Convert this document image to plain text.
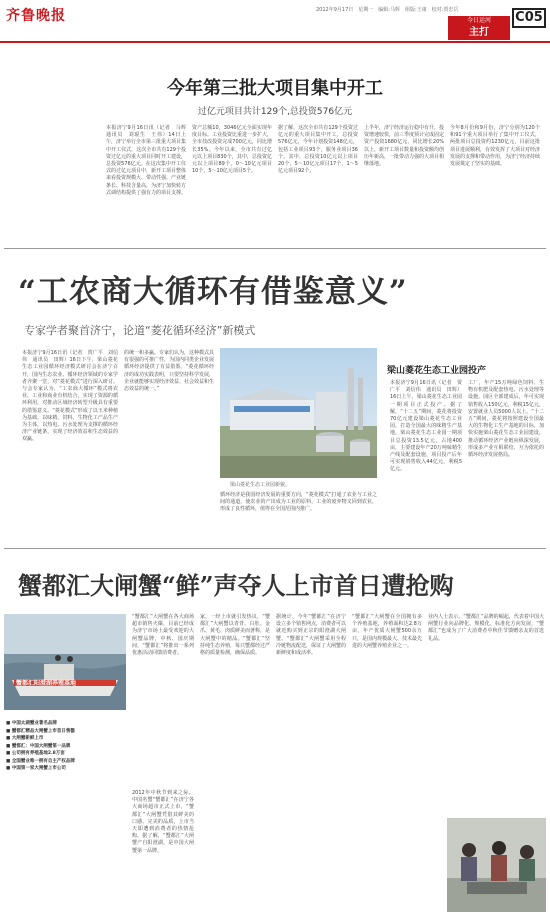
齐鲁晚报	2012年9月17日　星期一　编辑:马辉　组版:王康　校对:贾忠岳
今日运河
主打
C05
今年第三批大项目集中开工
过亿元项目共计129个,总投资576亿元
本报济宁9月16日讯（记者　马辉　通讯员　刘琨生　王伟）14日上午，济宁举行全市第三批重大项目集中开工仪式，这次全市共有129个投资过亿元的重大项目同时开工建设，总投资576亿元。在这次集中开工仪式的过亿元项目中，新开工项目整体来看投资规模大、带动性强、产业链条长、科技含量高，为济宁加快转方式调结构提供了强有力的项目支撑。
资产总额10，3046亿元全面实现年度目标。工业投资比重进一步扩大，全市技改投资完成700亿元，同比增长35%。今年以来，全市共有过亿元以上项目830个，其中，总投资亿元以上项目89个，0～10亿元项目10个，5～10亿元项目5个。
据了解，这次全市共有129个投资过亿元的重大项目集中开工，总投资576亿元，今年计划投资148亿元，包括工业项目93个，服务业项目36个。其中，总投资10亿元以上项目20个，5～10亿元项目17个，1～5亿元项目92个。
上半年，济宁经济运行稳中有升，投资增速较快，前三季度预计完成固定资产投资1680亿元，同比增长20%以上，新开工项目数量和投资额均创历年新高，一批带动力强的大项目相继落地。
今年8月份和9月份，济宁分别为120个和91个重大项目举行了集中开工仪式，两批项目总投资约1230亿元，目前这批项目进展顺利，有效发挥了大项目对经济发展的支撑和带动作用，为济宁经济持续发展奠定了坚实的基础。
“工农商大循环有借鉴意义”
专家学者聚首济宁，论道“菱花循环经济”新模式
本报济宁9月16日讯（记者　贾广平　刘信伟　通讯员　田辉）16日下午，梁山菱花生态工业园循环经济模式研讨会在济宁召开，国内生态农业、循环经济领域的专家学者齐聚一堂，对“菱花模式”进行深入研讨。与会专家认为，“工农商大循环”模式将农业、工业和商业有机结合，实现了资源的循环利用，对推动区域经济转型升级具有重要的借鉴意义。“菱花模式”形成了以玉米种植为基础，以味精、饲料、生物化工产品生产为主体，以热电、污水处理为支撑的循环经济产业链条，实现了经济效益和生态效益的双赢。
的统一和多赢。专家们认为，这种模式具有很强的可推广性，为国内同类企业发展循环经济提供了有益借鉴。“菱花循环经济的成功实践表明，只要坚持科学发展，企业就能够实现经济效益、社会效益和生态效益的统一。”
循环经济是我国经济发展的重要方向，“菱花模式”打通了农业与工业之间的通道，使农业的产出成为工业的原料，工业的废弃物又回到农业，形成了良性循环，值得在全国范围内推广。
梁山菱花生态工业园新貌。
梁山菱花生态工业园投产
本报济宁9月16日讯（记者　贾广平　刘信伟　通讯员　田辉）16日上午，梁山菱花生态工业园一期项目正式投产。据了解，“十二五”期间，菱花将投资70亿元建设梁山菱花生态工业园，打造全国最大的味精生产基地。梁山菱花生态工业园一期项目总投资13.5亿元，占地400亩，主要建设年产20万吨味精生产线及配套设施，项目投产后年可实现销售收入44亿元，利税5亿元。
工厂，年产15万吨绿色饲料、生物有机肥及配套热电、污水处理等设施。园区全部建成后，年可实现销售收入150亿元，利税15亿元，安置就业人员5000人以上。“十二五”期间，菱花将按照建设全国最大的生物化工生产基地的目标，加快实施梁山菱花生态工业园建设，推动循环经济产业链向纵深发展，形成多产业互相联结、互为依托的循环经济发展格局。
蟹都汇大闸蟹“鲜”声夺人上市首日遭抢购
蟹都汇阳澄湖养殖基地
■ 中国太湖蟹业著名品牌
■ 蟹都汇精品大闸蟹上市首日售罄
■ 大闸蟹新鲜上市
■ 蟹都汇：中国大闸蟹第一品牌
■ 公司拥有养殖基地2.8万亩
■ 全国蟹业唯一拥有自主产权品牌
■ 中国第一家大闸蟹上市公司
2012年中秋节到来之际，中国名蟹“蟹都汇”在济宁各大商场超市正式上市，“蟹都汇”大闸蟹凭借其鲜美的口感、完美的品质，上市当天即遭到消费者的热情抢购。据了解，“蟹都汇”大闸蟹产自阳澄湖，是中国大闸蟹第一品牌。
家，一经上市就引发热议，“蟹都汇”大闸蟹以青背、白肚、金爪、黄毛、肉质鲜美而著称，是大闸蟹中的精品。“蟹都汇”坚持纯生态养殖，每只蟹都经过严格的质量检测，确保品质。
据统计，今年“蟹都汇”在济宁设立多个销售网点，消费者可以就近购买到正宗的阳澄湖大闸蟹。“蟹都汇”大闸蟹采用全程冷链物流配送，保证了大闸蟹的新鲜度和成活率。
“蟹都汇”大闸蟹在全国拥有多个养殖基地，养殖面积达2.8万亩，年产优质大闸蟹500余万只，是国内规模最大、技术最先进的大闸蟹养殖企业之一。
业内人士表示，“蟹都汇”品牌的崛起，代表着中国大闸蟹行业向品牌化、规模化、标准化方向发展，“蟹都汇”也成为了广大消费者中秋佳节馈赠亲友的首选礼品。
“蟹都汇”大闸蟹在各大商场超市销售火爆，目前已经成为济宁市场上最受欢迎的大闸蟹品牌，中秋、国庆期间，“蟹都汇”将推出一系列优惠活动回馈消费者。
